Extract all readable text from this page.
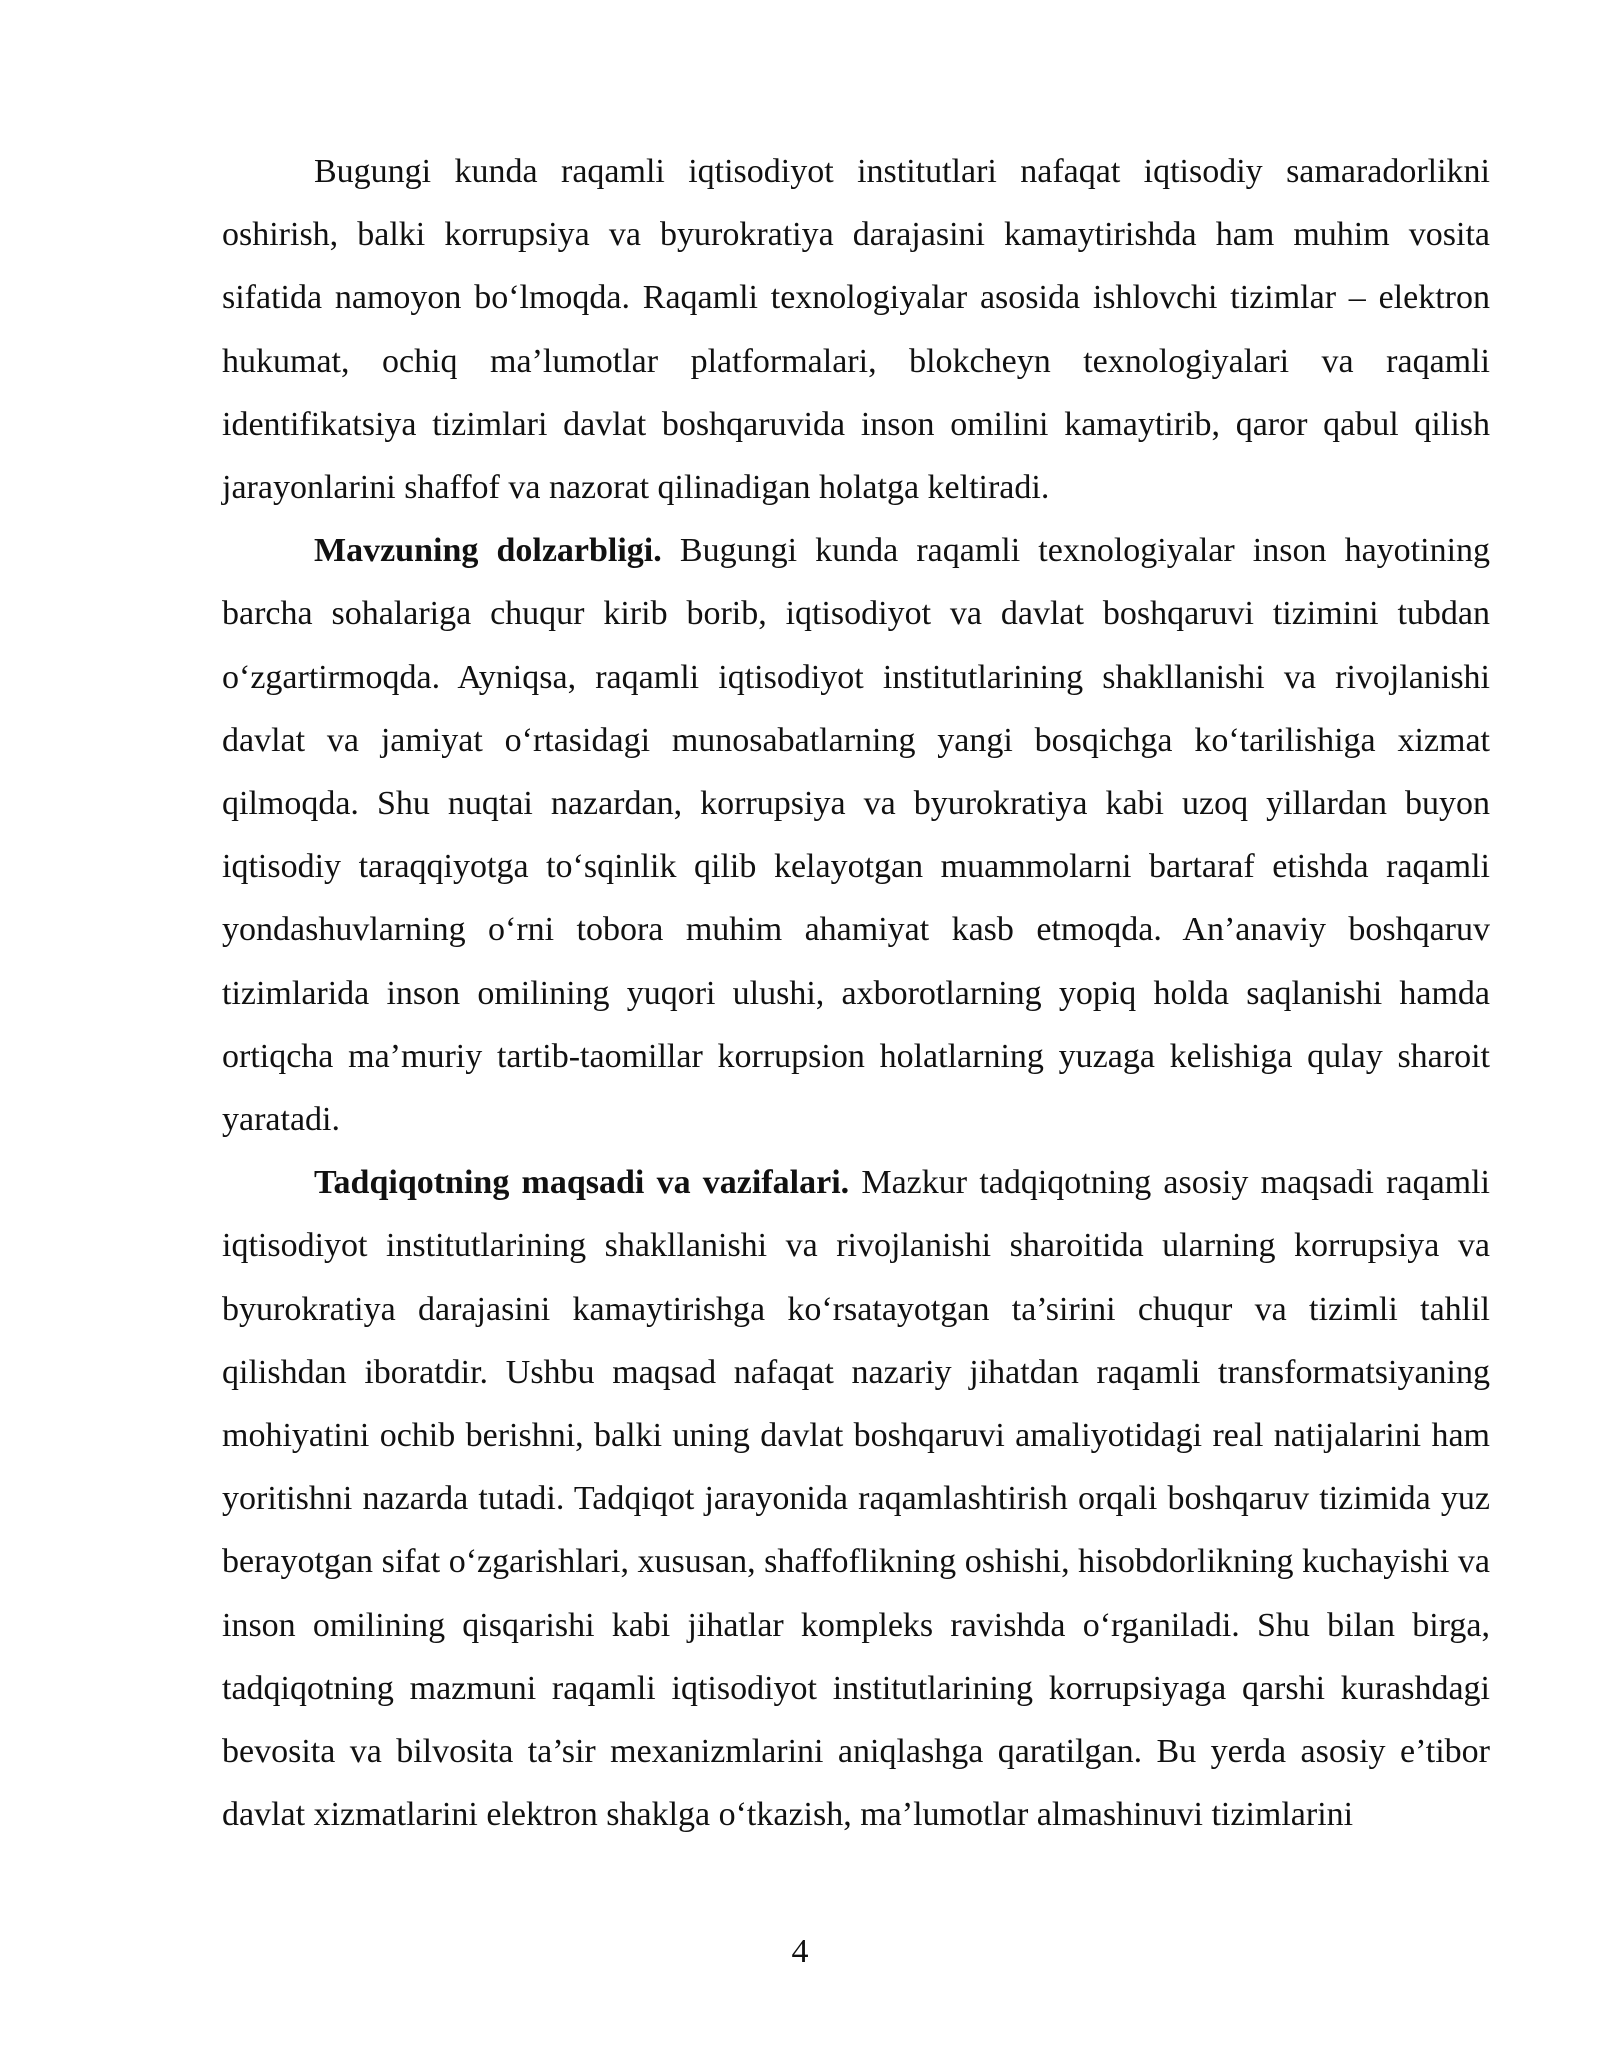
Bugungi kunda raqamli iqtisodiyot institutlari nafaqat iqtisodiy samaradorlikni oshirish, balki korrupsiya va byurokratiya darajasini kamaytirishda ham muhim vosita sifatida namoyon bo‘lmoqda. Raqamli texnologiyalar asosida ishlovchi tizimlar – elektron hukumat, ochiq ma’lumotlar platformalari, blokcheyn texnologiyalari va raqamli identifikatsiya tizimlari davlat boshqaruvida inson omilini kamaytirib, qaror qabul qilish jarayonlarini shaffof va nazorat qilinadigan holatga keltiradi.

Mavzuning dolzarbligi. Bugungi kunda raqamli texnologiyalar inson hayotining barcha sohalariga chuqur kirib borib, iqtisodiyot va davlat boshqaruvi tizimini tubdan o‘zgartirmoqda. Ayniqsa, raqamli iqtisodiyot institutlarining shakllanishi va rivojlanishi davlat va jamiyat o‘rtasidagi munosabatlarning yangi bosqichga ko‘tarilishiga xizmat qilmoqda. Shu nuqtai nazardan, korrupsiya va byurokratiya kabi uzoq yillardan buyon iqtisodiy taraqqiyotga to‘sqinlik qilib kelayotgan muammolarni bartaraf etishda raqamli yondashuvlarning o‘rni tobora muhim ahamiyat kasb etmoqda. An’anaviy boshqaruv tizimlarida inson omilining yuqori ulushi, axborotlarning yopiq holda saqlanishi hamda ortiqcha ma’muriy tartib-taomillar korrupsion holatlarning yuzaga kelishiga qulay sharoit yaratadi.

Tadqiqotning maqsadi va vazifalari. Mazkur tadqiqotning asosiy maqsadi raqamli iqtisodiyot institutlarining shakllanishi va rivojlanishi sharoitida ularning korrupsiya va byurokratiya darajasini kamaytirishga ko‘rsatayotgan ta’sirini chuqur va tizimli tahlil qilishdan iboratdir. Ushbu maqsad nafaqat nazariy jihatdan raqamli transformatsiyaning mohiyatini ochib berishni, balki uning davlat boshqaruvi amaliyotidagi real natijalarini ham yoritishni nazarda tutadi. Tadqiqot jarayonida raqamlashtirish orqali boshqaruv tizimida yuz berayotgan sifat o‘zgarishlari, xususan, shaffoflikning oshishi, hisobdorlikning kuchayishi va inson omilining qisqarishi kabi jihatlar kompleks ravishda o‘rganiladi. Shu bilan birga, tadqiqotning mazmuni raqamli iqtisodiyot institutlarining korrupsiyaga qarshi kurashdagi bevosita va bilvosita ta’sir mexanizmlarini aniqlashga qaratilgan. Bu yerda asosiy e’tibor davlat xizmatlarini elektron shaklga o‘tkazish, ma’lumotlar almashinuvi tizimlarini

4
